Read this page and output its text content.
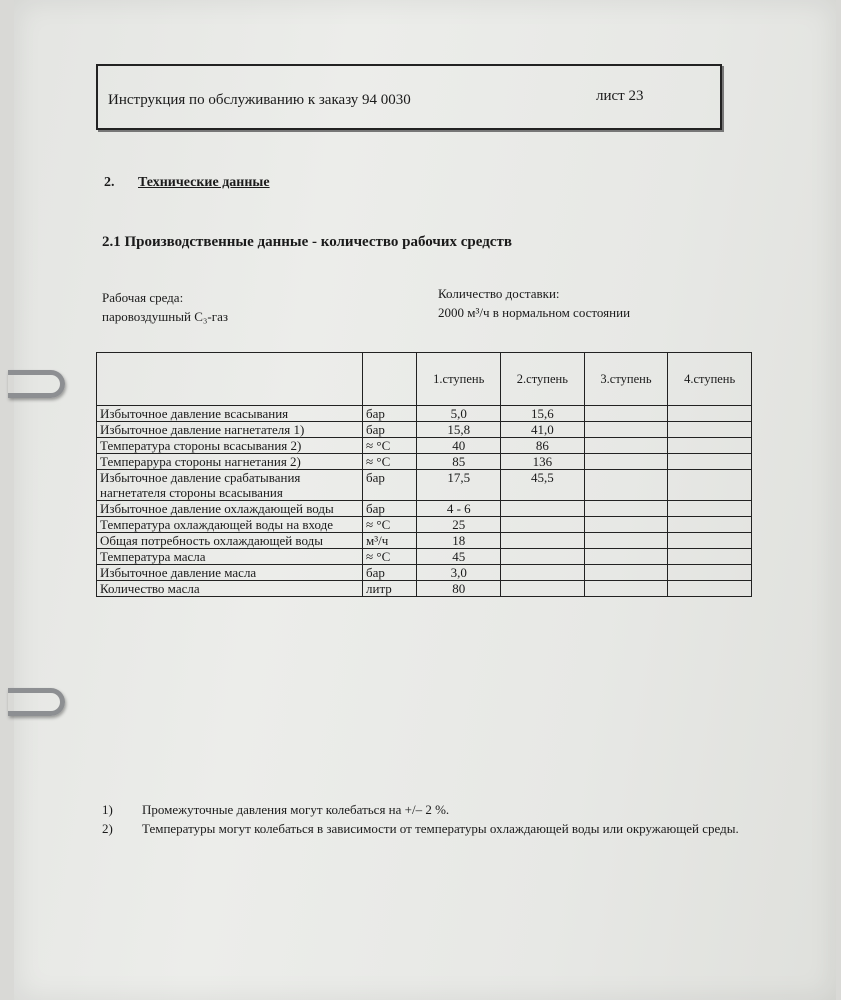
Инструкция по обслуживанию к заказу 94 0030	лист 23
2. Технические данные
2.1 Производственные данные - количество рабочих средств
Рабочая среда:
паровоздушный C₃-газ
Количество доставки:
2000 м³/ч в нормальном состоянии
		1.ступень	2.ступень	3.ступень	4.ступень
Избыточное давление всасывания	бар	5,0	15,6		
Избыточное давление нагнетателя 1)	бар	15,8	41,0		
Температура стороны всасывания 2)	≈ °C	40	86		
Темперарура стороны нагнетания 2)	≈ °C	85	136		
Избыточное давление срабатывания нагнетателя стороны всасывания	бар	17,5	45,5		
Избыточное давление охлаждающей воды	бар	4 - 6			
Температура охлаждающей воды на входе	≈ °C	25			
Общая потребность охлаждающей воды	м³/ч	18			
Температура масла	≈ °C	45			
Избыточное давление масла	бар	3,0			
Количество масла	литр	80			
1) Промежуточные давления могут колебаться на +/– 2 %.
2) Температуры могут колебаться в зависимости от температуры охлаждающей воды или окружающей среды.
